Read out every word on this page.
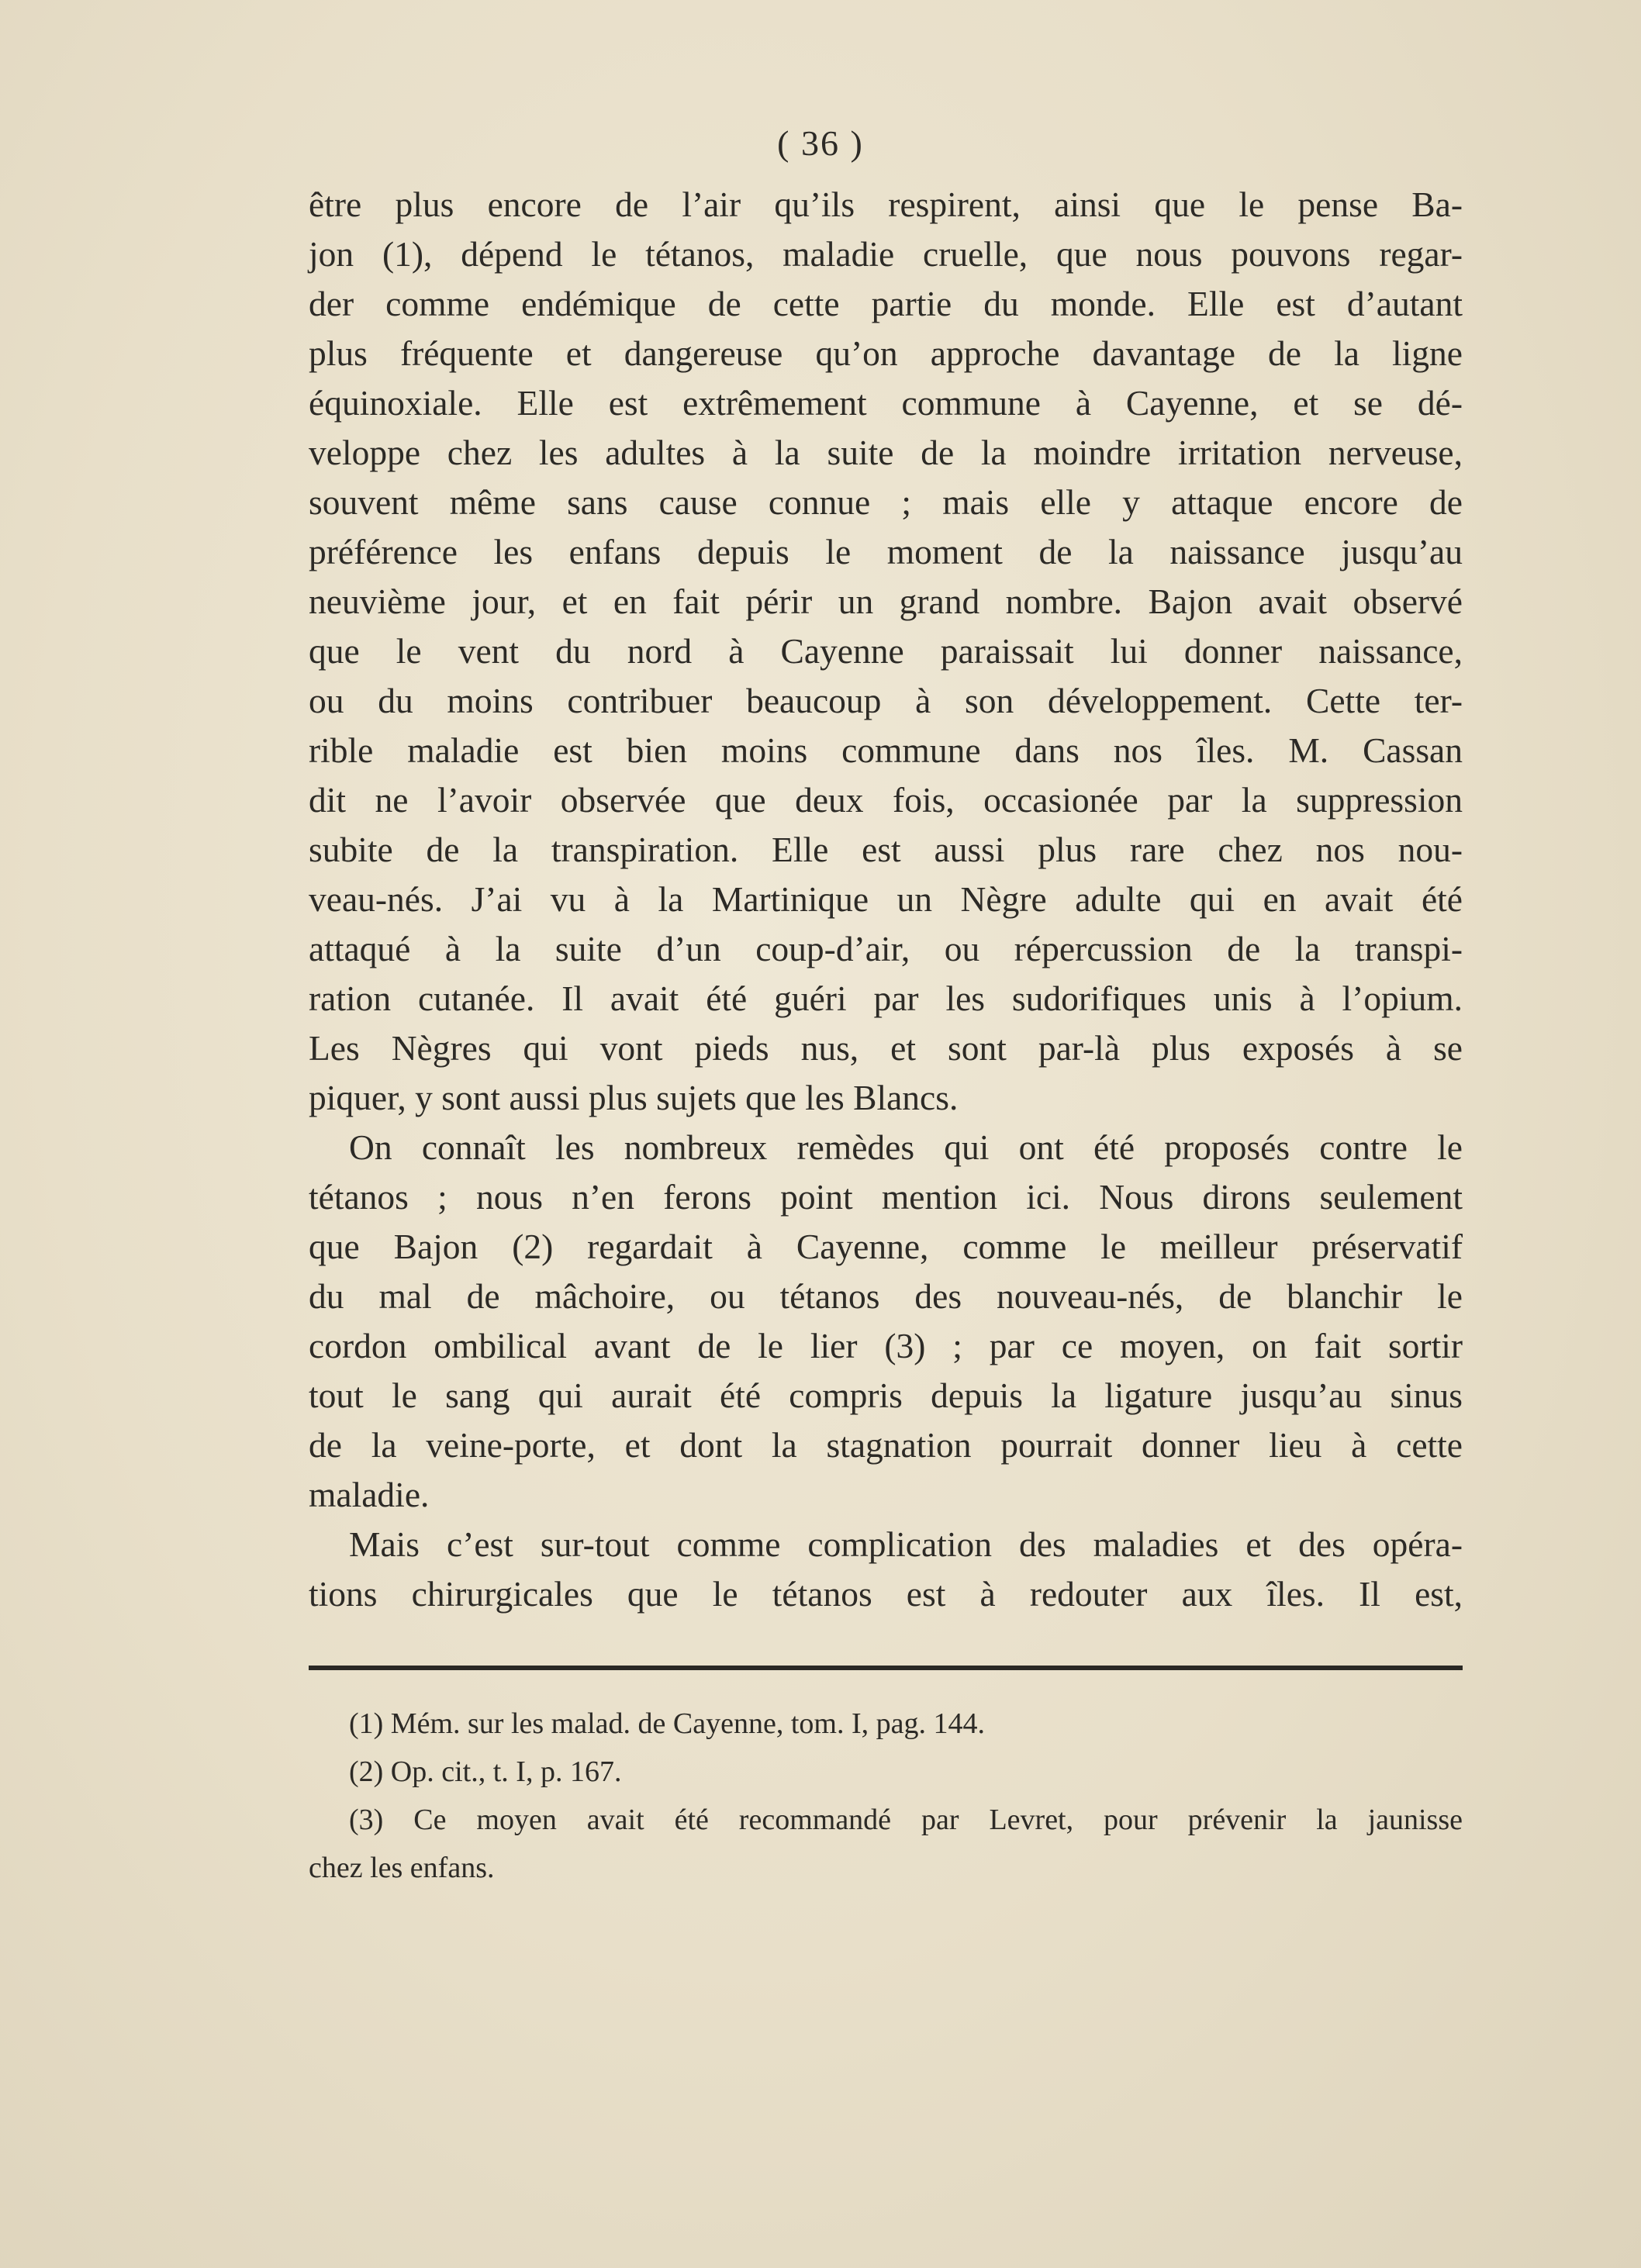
( 36 )
être plus encore de l’air qu’ils respirent, ainsi que le pense Ba-
jon (1), dépend le tétanos, maladie cruelle, que nous pouvons regar-
der comme endémique de cette partie du monde. Elle est d’autant
plus fréquente et dangereuse qu’on approche davantage de la ligne
équinoxiale. Elle est extrêmement commune à Cayenne, et se dé-
veloppe chez les adultes à la suite de la moindre irritation nerveuse,
souvent même sans cause connue ; mais elle y attaque encore de
préférence les enfans depuis le moment de la naissance jusqu’au
neuvième jour, et en fait périr un grand nombre. Bajon avait observé
que le vent du nord à Cayenne paraissait lui donner naissance,
ou du moins contribuer beaucoup à son développement. Cette ter-
rible maladie est bien moins commune dans nos îles. M. Cassan
dit ne l’avoir observée que deux fois, occasionée par la suppression
subite de la transpiration. Elle est aussi plus rare chez nos nou-
veau-nés. J’ai vu à la Martinique un Nègre adulte qui en avait été
attaqué à la suite d’un coup-d’air, ou répercussion de la transpi-
ration cutanée. Il avait été guéri par les sudorifiques unis à l’opium.
Les Nègres qui vont pieds nus, et sont par-là plus exposés à se
piquer, y sont aussi plus sujets que les Blancs.
On connaît les nombreux remèdes qui ont été proposés contre le
tétanos ; nous n’en ferons point mention ici. Nous dirons seulement
que Bajon (2) regardait à Cayenne, comme le meilleur préservatif
du mal de mâchoire, ou tétanos des nouveau-nés, de blanchir le
cordon ombilical avant de le lier (3) ; par ce moyen, on fait sortir
tout le sang qui aurait été compris depuis la ligature jusqu’au sinus
de la veine-porte, et dont la stagnation pourrait donner lieu à cette
maladie.
Mais c’est sur-tout comme complication des maladies et des opéra-
tions chirurgicales que le tétanos est à redouter aux îles. Il est,
(1) Mém. sur les malad. de Cayenne, tom. I, pag. 144.
(2) Op. cit., t. I, p. 167.
(3) Ce moyen avait été recommandé par Levret, pour prévenir la jaunisse
chez les enfans.
